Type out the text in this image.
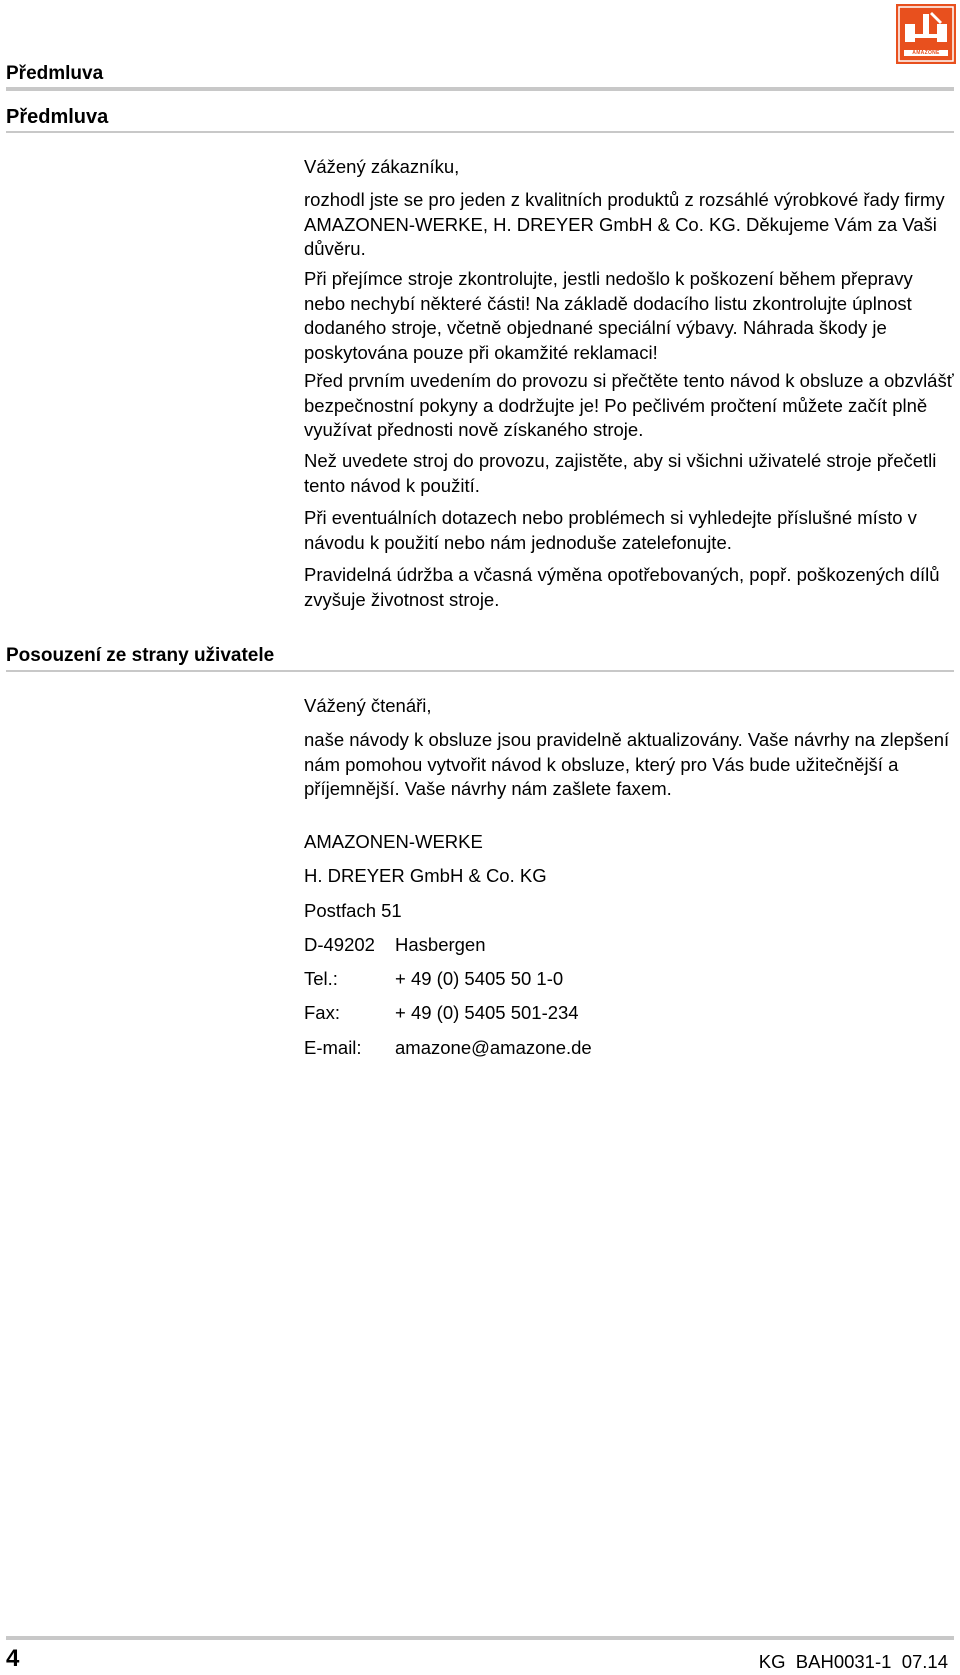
Předmluva
AMAZONE
Předmluva
Vážený zákazníku,
rozhodl jste se pro jeden z kvalitních produktů z rozsáhlé výrobkové řady firmy AMAZONEN-WERKE, H. DREYER GmbH & Co. KG. Děkujeme Vám za Vaši důvěru.
Při přejímce stroje zkontrolujte, jestli nedošlo k poškození během přepravy nebo nechybí některé části! Na základě dodacího listu zkontrolujte úplnost dodaného stroje, včetně objednané speciální výbavy. Náhrada škody je poskytována pouze při okamžité reklamaci!
Před prvním uvedením do provozu si přečtěte tento návod k obsluze a obzvlášť bezpečnostní pokyny a dodržujte je! Po pečlivém pročtení můžete začít plně využívat přednosti nově získaného stroje.
Než uvedete stroj do provozu, zajistěte, aby si všichni uživatelé stroje přečetli tento návod k použití.
Při eventuálních dotazech nebo problémech si vyhledejte příslušné místo v návodu k použití nebo nám jednoduše zatelefonujte.
Pravidelná údržba a včasná výměna opotřebovaných, popř. poškozených dílů zvyšuje životnost stroje.
Posouzení ze strany uživatele
Vážený čtenáři,
naše návody k obsluze jsou pravidelně aktualizovány. Vaše návrhy na zlepšení nám pomohou vytvořit návod k obsluze, který pro Vás bude užitečnější a příjemnější. Vaše návrhy nám zašlete faxem.
AMAZONEN-WERKE
H. DREYER GmbH & Co. KG
Postfach 51
D-49202 Hasbergen
Tel.:	+ 49 (0) 5405 50 1-0
Fax:	+ 49 (0) 5405 501-234
E-mail: amazone@amazone.de
4	KG  BAH0031-1  07.14
